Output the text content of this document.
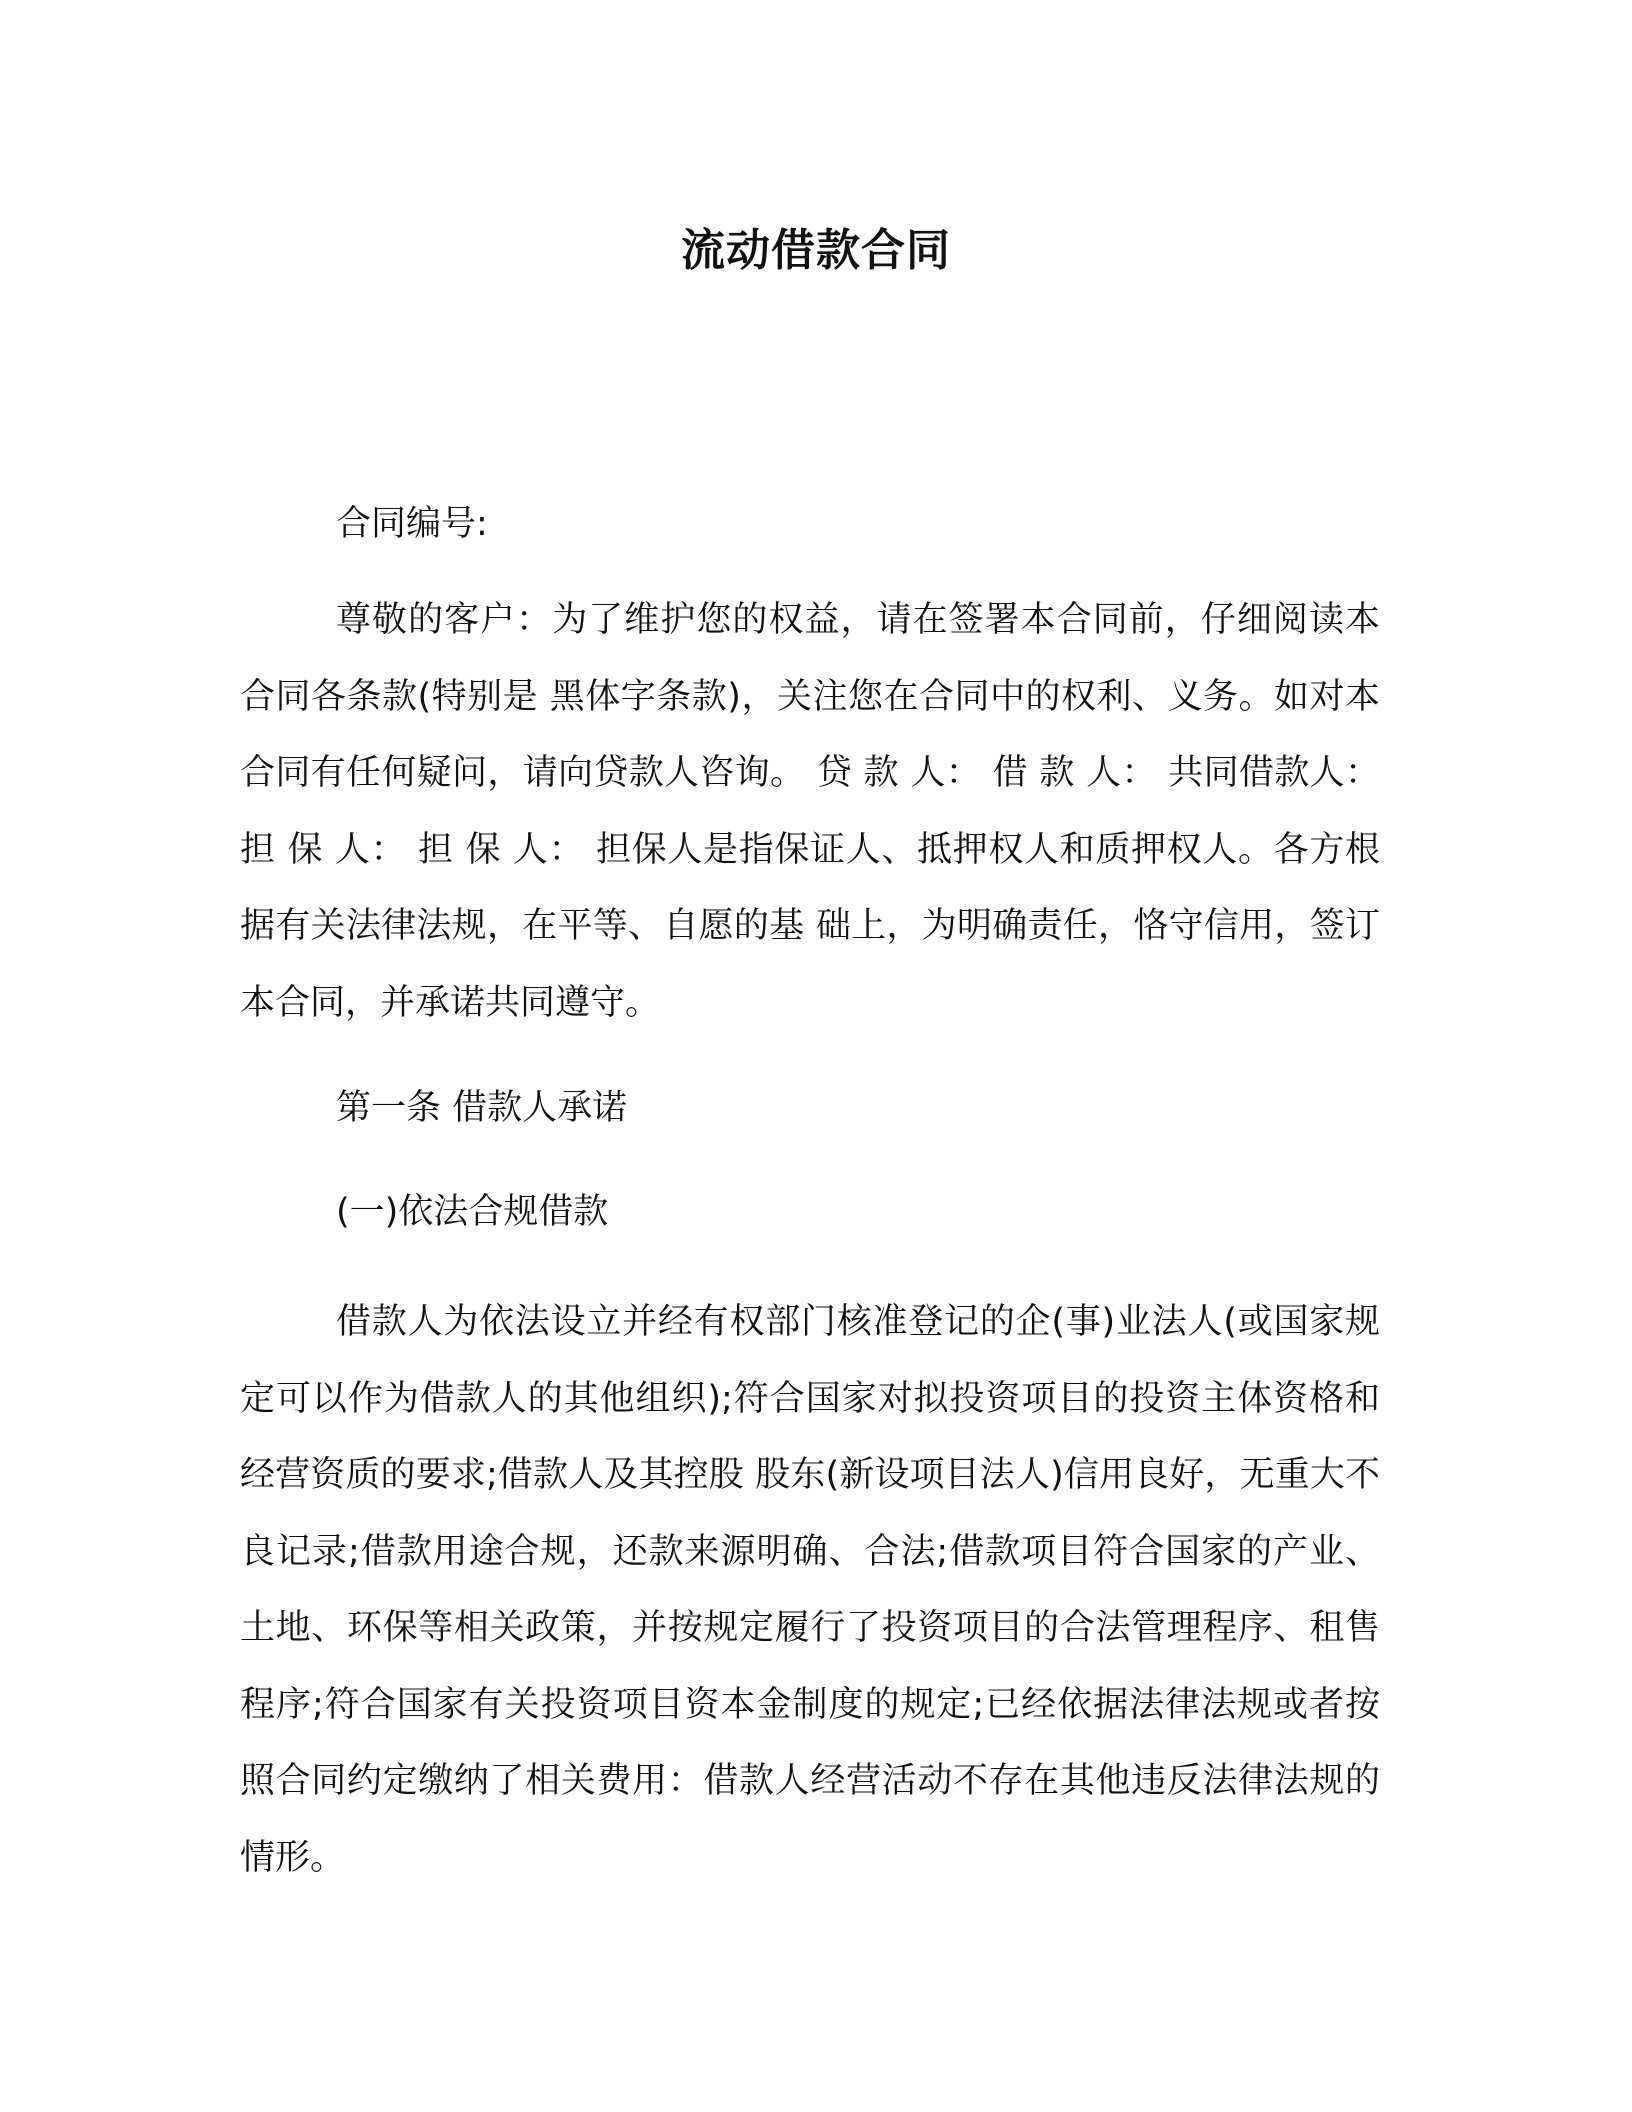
流动借款合同

合同编号:

尊敬的客户：为了维护您的权益，请在签署本合同前，仔细阅读本合同各条款(特别是 黑体字条款)，关注您在合同中的权利、义务。如对本合同有任何疑问，请向贷款人咨询。 贷 款 人： 借 款 人： 共同借款人： 担 保 人： 担 保 人： 担保人是指保证人、抵押权人和质押权人。各方根据有关法律法规，在平等、自愿的基 础上，为明确责任，恪守信用，签订本合同，并承诺共同遵守。

第一条 借款人承诺

(一)依法合规借款

借款人为依法设立并经有权部门核准登记的企(事)业法人(或国家规定可以作为借款人的其他组织);符合国家对拟投资项目的投资主体资格和经营资质的要求;借款人及其控股 股东(新设项目法人)信用良好，无重大不良记录;借款用途合规，还款来源明确、合法;借款项目符合国家的产业、土地、环保等相关政策，并按规定履行了投资项目的合法管理程序、租售程序;符合国家有关投资项目资本金制度的规定;已经依据法律法规或者按照合同约定缴纳了相关费用：借款人经营活动不存在其他违反法律法规的情形。
